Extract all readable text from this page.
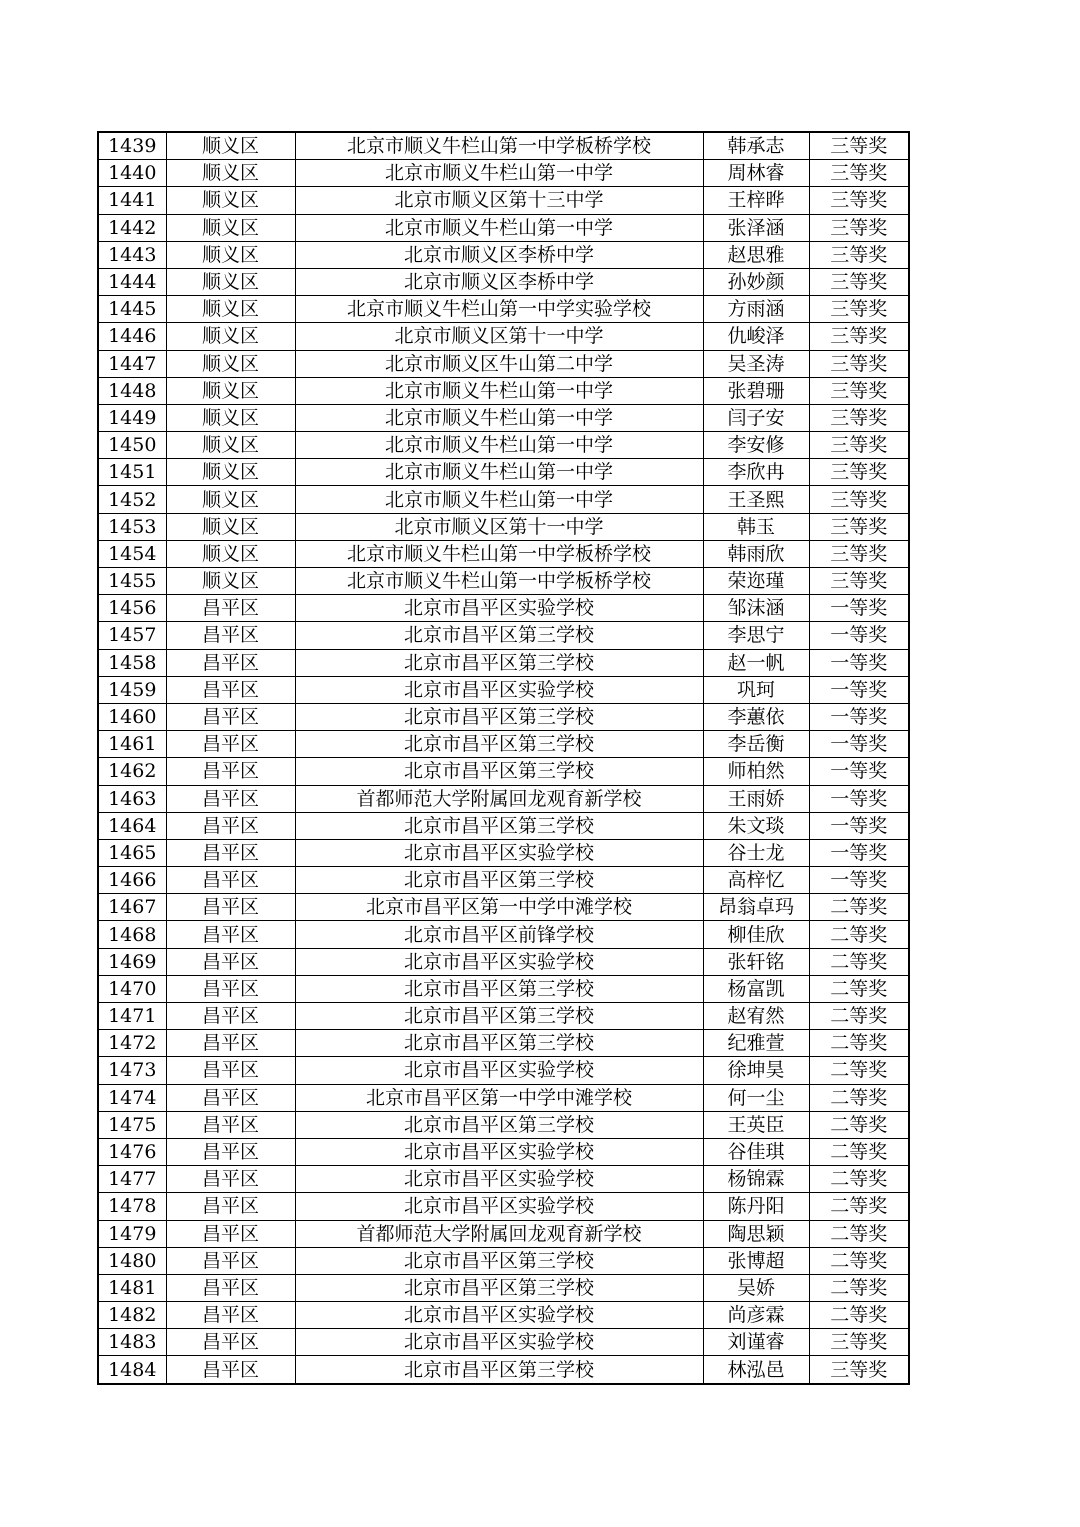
1439	顺义区	北京市顺义牛栏山第一中学板桥学校	韩承志	三等奖
1440	顺义区	北京市顺义牛栏山第一中学	周林睿	三等奖
1441	顺义区	北京市顺义区第十三中学	王梓晔	三等奖
1442	顺义区	北京市顺义牛栏山第一中学	张泽涵	三等奖
1443	顺义区	北京市顺义区李桥中学	赵思雅	三等奖
1444	顺义区	北京市顺义区李桥中学	孙妙颜	三等奖
1445	顺义区	北京市顺义牛栏山第一中学实验学校	方雨涵	三等奖
1446	顺义区	北京市顺义区第十一中学	仇峻泽	三等奖
1447	顺义区	北京市顺义区牛山第二中学	吴圣涛	三等奖
1448	顺义区	北京市顺义牛栏山第一中学	张碧珊	三等奖
1449	顺义区	北京市顺义牛栏山第一中学	闫子安	三等奖
1450	顺义区	北京市顺义牛栏山第一中学	李安修	三等奖
1451	顺义区	北京市顺义牛栏山第一中学	李欣冉	三等奖
1452	顺义区	北京市顺义牛栏山第一中学	王圣熙	三等奖
1453	顺义区	北京市顺义区第十一中学	韩玉	三等奖
1454	顺义区	北京市顺义牛栏山第一中学板桥学校	韩雨欣	三等奖
1455	顺义区	北京市顺义牛栏山第一中学板桥学校	荣迩瑾	三等奖
1456	昌平区	北京市昌平区实验学校	邹沫涵	一等奖
1457	昌平区	北京市昌平区第三学校	李思宁	一等奖
1458	昌平区	北京市昌平区第三学校	赵一帆	一等奖
1459	昌平区	北京市昌平区实验学校	巩珂	一等奖
1460	昌平区	北京市昌平区第三学校	李蕙依	一等奖
1461	昌平区	北京市昌平区第三学校	李岳衡	一等奖
1462	昌平区	北京市昌平区第三学校	师柏然	一等奖
1463	昌平区	首都师范大学附属回龙观育新学校	王雨娇	一等奖
1464	昌平区	北京市昌平区第三学校	朱文琰	一等奖
1465	昌平区	北京市昌平区实验学校	谷士龙	一等奖
1466	昌平区	北京市昌平区第三学校	高梓忆	一等奖
1467	昌平区	北京市昌平区第一中学中滩学校	昂翁卓玛	二等奖
1468	昌平区	北京市昌平区前锋学校	柳佳欣	二等奖
1469	昌平区	北京市昌平区实验学校	张轩铭	二等奖
1470	昌平区	北京市昌平区第三学校	杨富凯	二等奖
1471	昌平区	北京市昌平区第三学校	赵宥然	二等奖
1472	昌平区	北京市昌平区第三学校	纪雅萱	二等奖
1473	昌平区	北京市昌平区实验学校	徐坤昊	二等奖
1474	昌平区	北京市昌平区第一中学中滩学校	何一尘	二等奖
1475	昌平区	北京市昌平区第三学校	王英臣	二等奖
1476	昌平区	北京市昌平区实验学校	谷佳琪	二等奖
1477	昌平区	北京市昌平区实验学校	杨锦霖	二等奖
1478	昌平区	北京市昌平区实验学校	陈丹阳	二等奖
1479	昌平区	首都师范大学附属回龙观育新学校	陶思颖	二等奖
1480	昌平区	北京市昌平区第三学校	张博超	二等奖
1481	昌平区	北京市昌平区第三学校	吴娇	二等奖
1482	昌平区	北京市昌平区实验学校	尚彦霖	二等奖
1483	昌平区	北京市昌平区实验学校	刘谨睿	三等奖
1484	昌平区	北京市昌平区第三学校	林泓邑	三等奖
